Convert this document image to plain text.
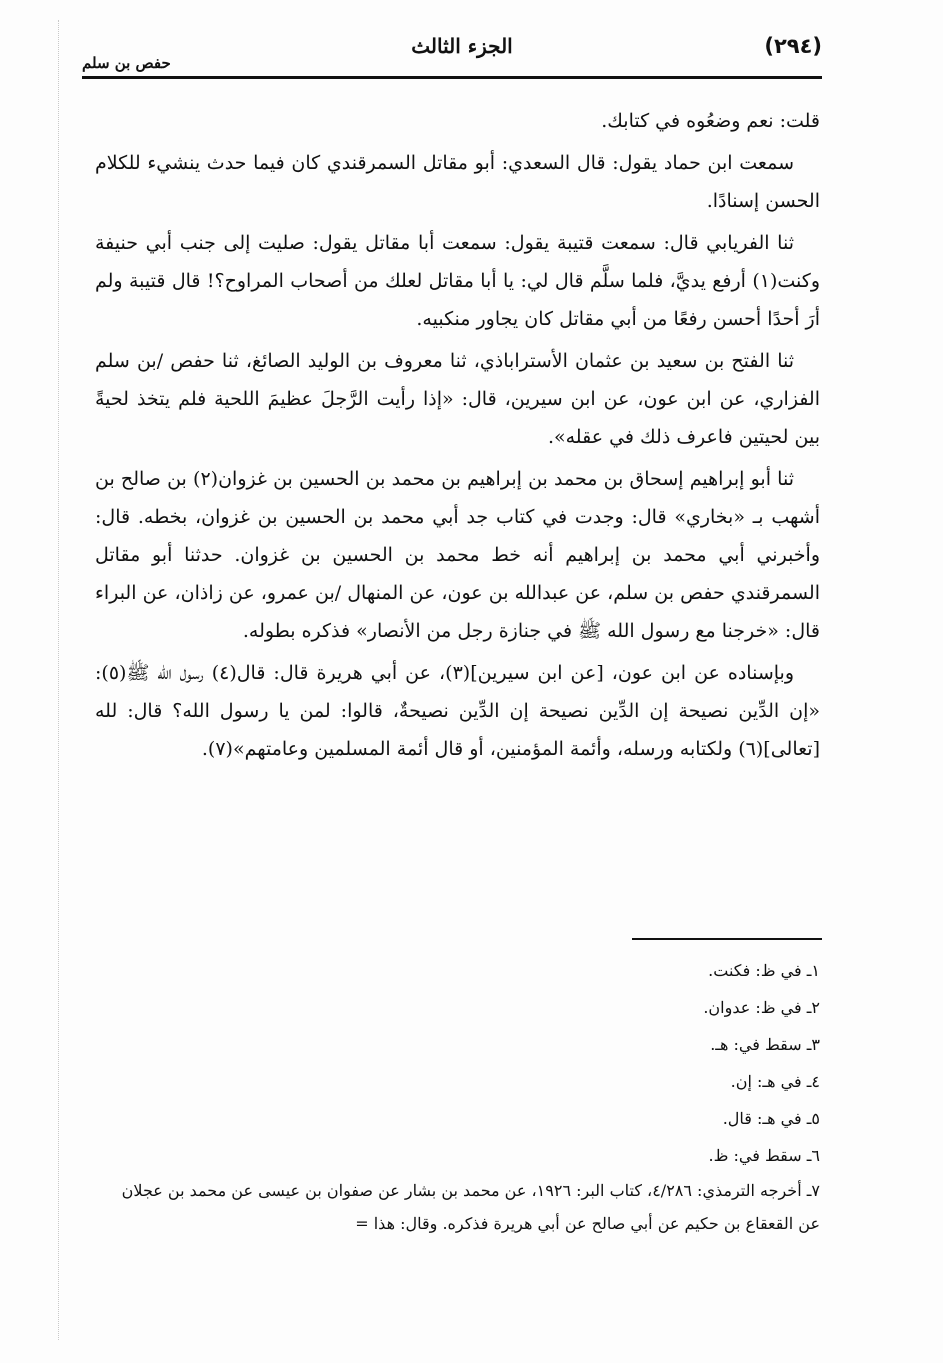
(٢٩٤)
الجزء الثالث
حفص بن سلم

قلت: نعم وضعُوه في كتابك.

سمعت ابن حماد يقول: قال السعدي: أبو مقاتل السمرقندي كان فيما حدث ينشيء للكلام الحسن إسنادًا.

ثنا الفريابي قال: سمعت قتيبة يقول: سمعت أبا مقاتل يقول: صليت إلى جنب أبي حنيفة وكنت(١) أرفع يديَّ، فلما سلَّم قال لي: يا أبا مقاتل لعلك من أصحاب المراوح؟! قال قتيبة ولم أرَ أحدًا أحسن رفعًا من أبي مقاتل كان يجاور منكبيه.

ثنا الفتح بن سعيد بن عثمان الأستراباذي، ثنا معروف بن الوليد الصائغ، ثنا حفص /بن سلم الفزاري، عن ابن عون، عن ابن سيرين، قال: «إذا رأيت الرَّجلَ عظيمَ اللحية فلم يتخذ لحيةً بين لحيتين فاعرف ذلك في عقله».

ثنا أبو إبراهيم إسحاق بن محمد بن إبراهيم بن محمد بن الحسين بن غزوان(٢) بن صالح بن أشهب بـ «بخاري» قال: وجدت في كتاب جد أبي محمد بن الحسين بن غزوان، بخطه. قال: وأخبرني أبي محمد بن إبراهيم أنه خط محمد بن الحسين بن غزوان. حدثنا أبو مقاتل السمرقندي حفص بن سلم، عن عبدالله بن عون، عن المنهال /بن عمرو، عن زاذان، عن البراء قال: «خرجنا مع رسول الله ﷺ في جنازة رجل من الأنصار» فذكره بطوله.

وبإسناده عن ابن عون، [عن ابن سيرين](٣)، عن أبي هريرة قال: قال(٤) رسول الله ﷺ(٥): «إن الدِّين نصيحة إن الدِّين نصيحة إن الدِّين نصيحةٌ، قالوا: لمن يا رسول الله؟ قال: لله [تعالى](٦) ولكتابه ورسله، وأئمة المؤمنين، أو قال أئمة المسلمين وعامتهم»(٧).

١ـ في ظ: فكنت.

٢ـ في ظ: عدوان.

٣ـ سقط في: هـ.

٤ـ في هـ: إن.

٥ـ في هـ: قال.

٦ـ سقط في: ظ.

٧ـ أخرجه الترمذي: ٤/٢٨٦، كتاب البر: ١٩٢٦، عن محمد بن بشار عن صفوان بن عيسى عن محمد بن عجلان عن القعقاع بن حكيم عن أبي صالح عن أبي هريرة فذكره. وقال: هذا =
